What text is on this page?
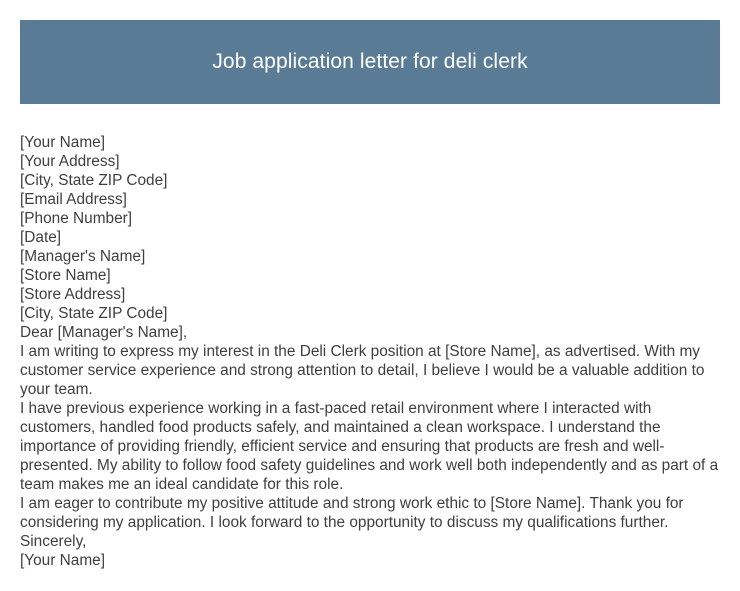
Job application letter for deli clerk
[Your Name]
[Your Address]
[City, State ZIP Code]
[Email Address]
[Phone Number]
[Date]
[Manager's Name]
[Store Name]
[Store Address]
[City, State ZIP Code]
Dear [Manager's Name],
I am writing to express my interest in the Deli Clerk position at [Store Name], as advertised. With my customer service experience and strong attention to detail, I believe I would be a valuable addition to your team.
I have previous experience working in a fast-paced retail environment where I interacted with customers, handled food products safely, and maintained a clean workspace. I understand the importance of providing friendly, efficient service and ensuring that products are fresh and well-presented. My ability to follow food safety guidelines and work well both independently and as part of a team makes me an ideal candidate for this role.
I am eager to contribute my positive attitude and strong work ethic to [Store Name]. Thank you for considering my application. I look forward to the opportunity to discuss my qualifications further.
Sincerely,
[Your Name]
